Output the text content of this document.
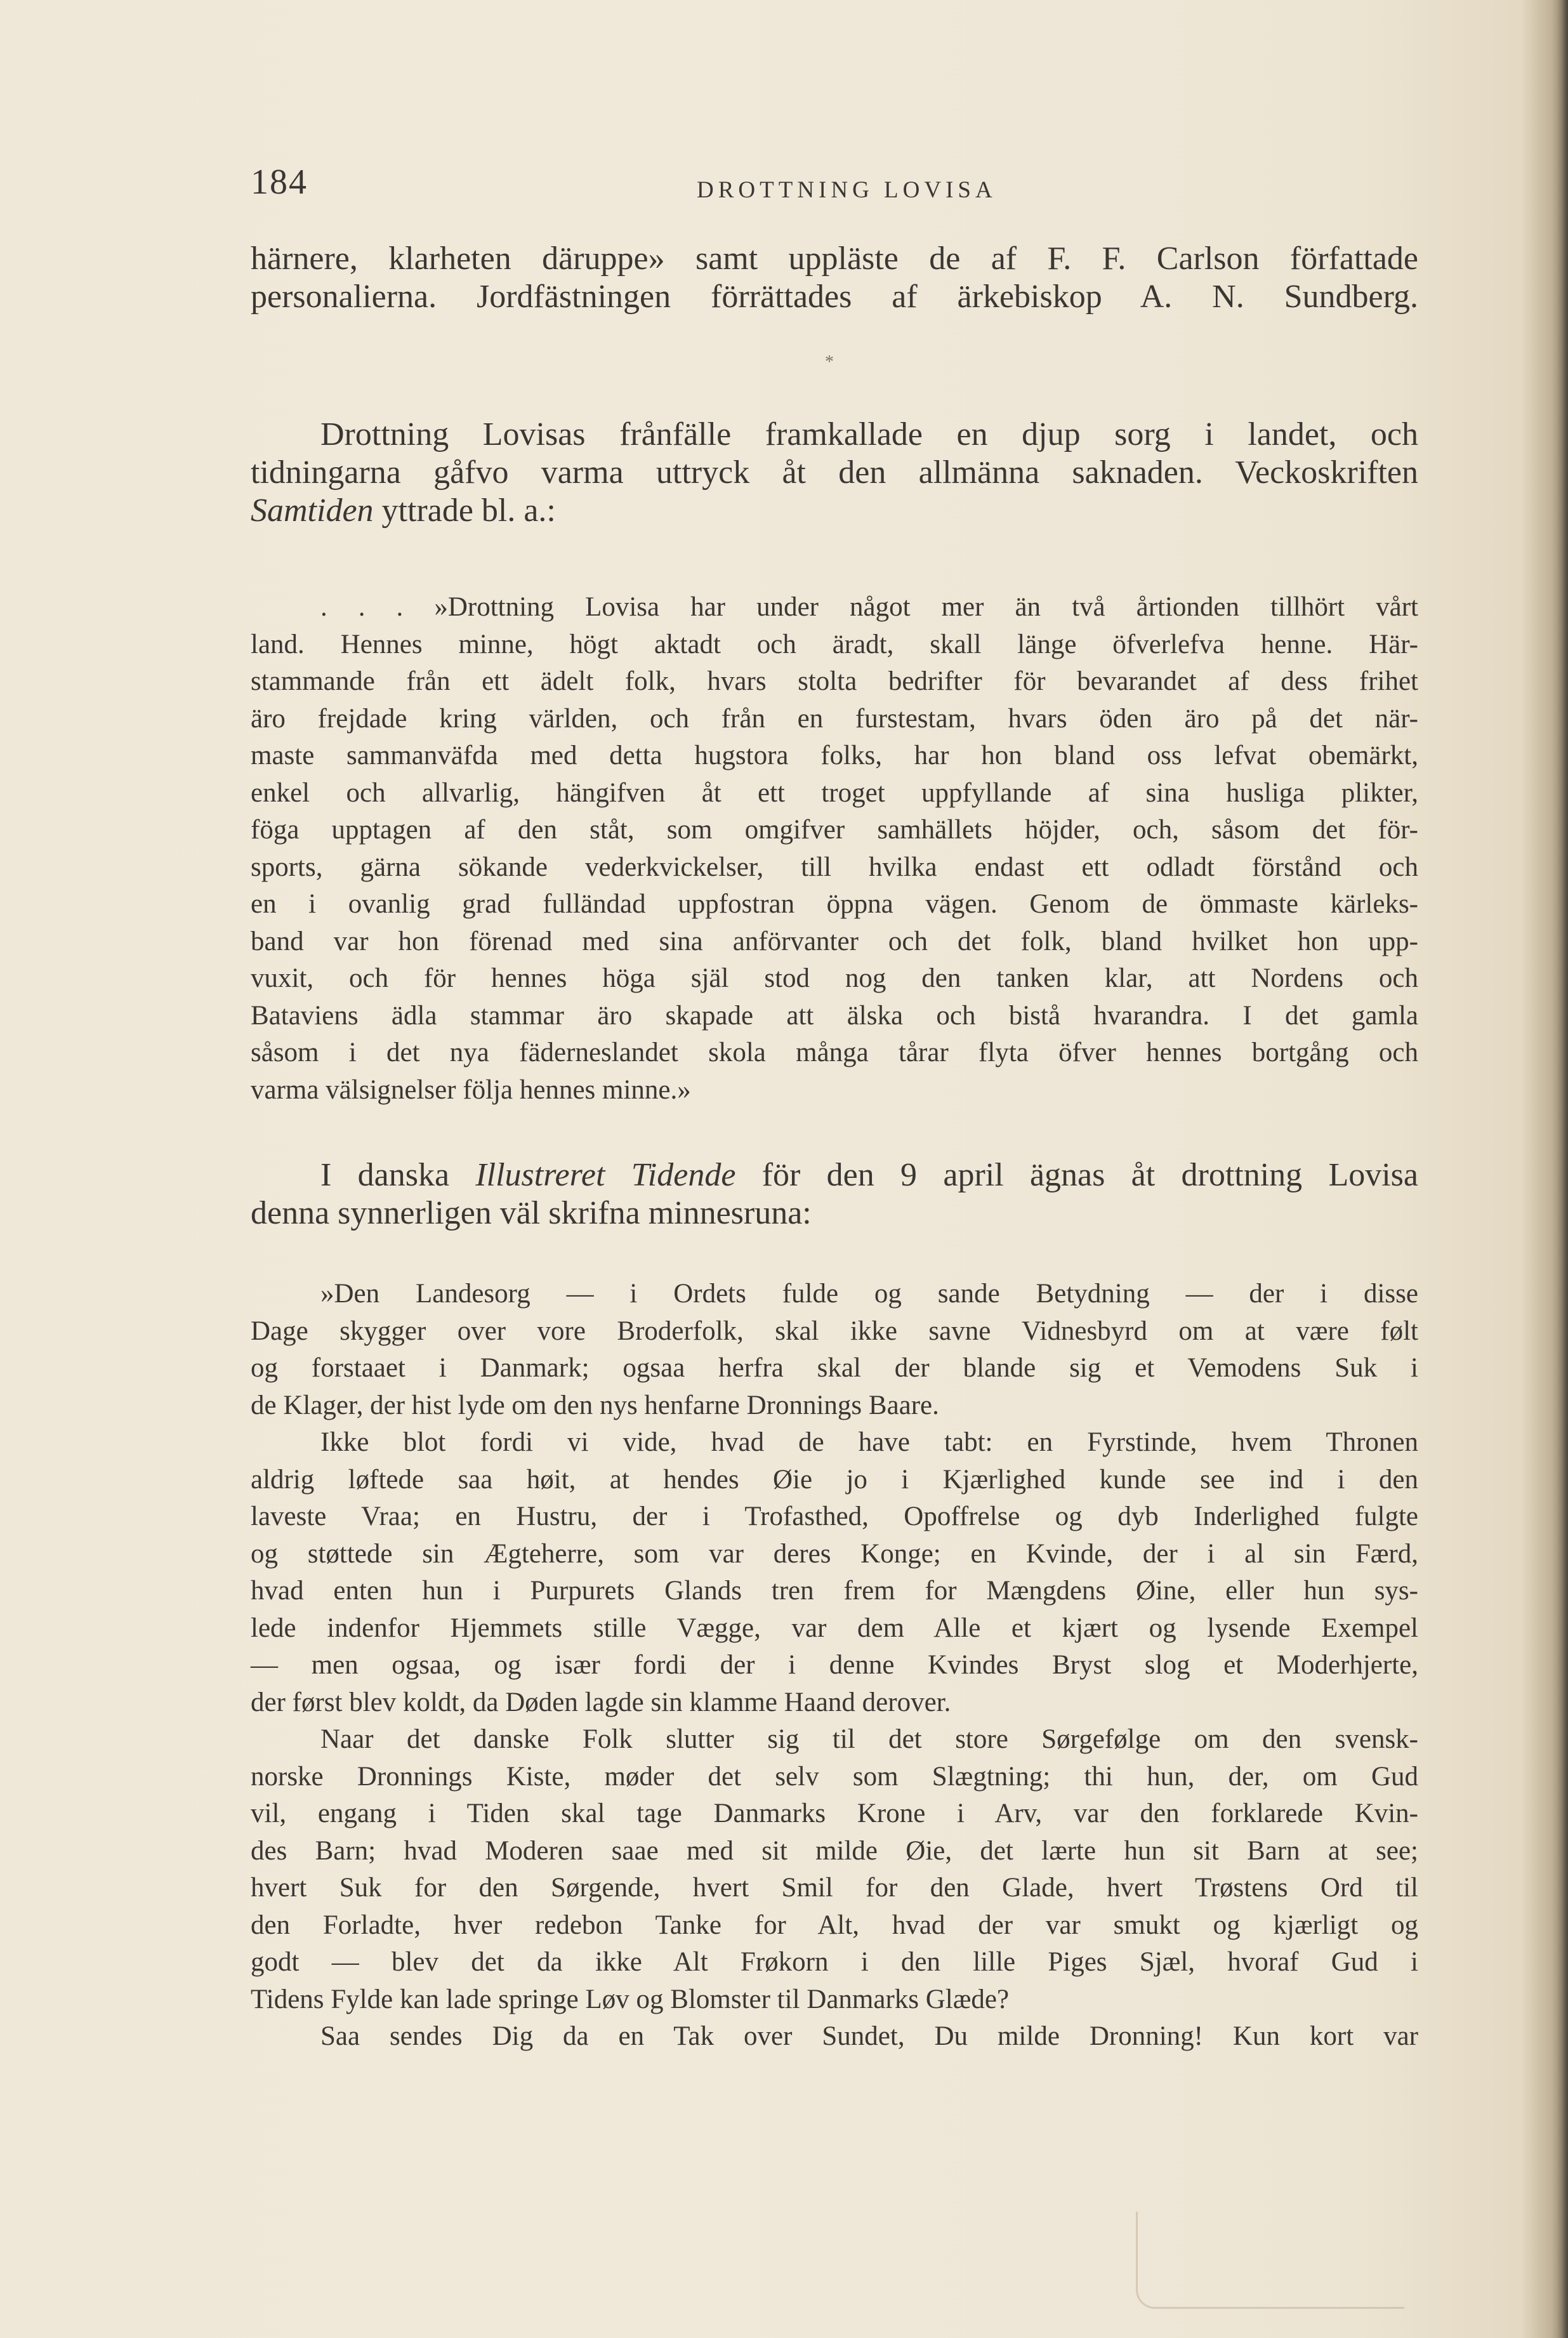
184	DROTTNING LOVISA
härnere, klarheten däruppe» samt uppläste de af F. F. Carlson författade
personalierna. Jordfästningen förrättades af ärkebiskop A. N. Sundberg.
*
Drottning Lovisas frånfälle framkallade en djup sorg i landet, och
tidningarna gåfvo varma uttryck åt den allmänna saknaden. Veckoskriften
Samtiden yttrade bl. a.:
. . . »Drottning Lovisa har under något mer än två årtionden tillhört vårt
land. Hennes minne, högt aktadt och äradt, skall länge öfverlefva henne. Här-
stammande från ett ädelt folk, hvars stolta bedrifter för bevarandet af dess frihet
äro frejdade kring världen, och från en furstestam, hvars öden äro på det när-
maste sammanväfda med detta hugstora folks, har hon bland oss lefvat obemärkt,
enkel och allvarlig, hängifven åt ett troget uppfyllande af sina husliga plikter,
föga upptagen af den ståt, som omgifver samhällets höjder, och, såsom det för-
sports, gärna sökande vederkvickelser, till hvilka endast ett odladt förstånd och
en i ovanlig grad fulländad uppfostran öppna vägen. Genom de ömmaste kärleks-
band var hon förenad med sina anförvanter och det folk, bland hvilket hon upp-
vuxit, och för hennes höga själ stod nog den tanken klar, att Nordens och
Bataviens ädla stammar äro skapade att älska och bistå hvarandra. I det gamla
såsom i det nya fäderneslandet skola många tårar flyta öfver hennes bortgång och
varma välsignelser följa hennes minne.»
I danska Illustreret Tidende för den 9 april ägnas åt drottning Lovisa
denna synnerligen väl skrifna minnesruna:
»Den Landesorg — i Ordets fulde og sande Betydning — der i disse
Dage skygger over vore Broderfolk, skal ikke savne Vidnesbyrd om at være følt
og forstaaet i Danmark; ogsaa herfra skal der blande sig et Vemodens Suk i
de Klager, der hist lyde om den nys henfarne Dronnings Baare.
Ikke blot fordi vi vide, hvad de have tabt: en Fyrstinde, hvem Thronen
aldrig løftede saa høit, at hendes Øie jo i Kjærlighed kunde see ind i den
laveste Vraa; en Hustru, der i Trofasthed, Opoffrelse og dyb Inderlighed fulgte
og støttede sin Ægteherre, som var deres Konge; en Kvinde, der i al sin Færd,
hvad enten hun i Purpurets Glands tren frem for Mængdens Øine, eller hun sys-
lede indenfor Hjemmets stille Vægge, var dem Alle et kjært og lysende Exempel
— men ogsaa, og især fordi der i denne Kvindes Bryst slog et Moderhjerte,
der først blev koldt, da Døden lagde sin klamme Haand derover.
Naar det danske Folk slutter sig til det store Sørgefølge om den svensk-
norske Dronnings Kiste, møder det selv som Slægtning; thi hun, der, om Gud
vil, engang i Tiden skal tage Danmarks Krone i Arv, var den forklarede Kvin-
des Barn; hvad Moderen saae med sit milde Øie, det lærte hun sit Barn at see;
hvert Suk for den Sørgende, hvert Smil for den Glade, hvert Trøstens Ord til
den Forladte, hver redebon Tanke for Alt, hvad der var smukt og kjærligt og
godt — blev det da ikke Alt Frøkorn i den lille Piges Sjæl, hvoraf Gud i
Tidens Fylde kan lade springe Løv og Blomster til Danmarks Glæde?
Saa sendes Dig da en Tak over Sundet, Du milde Dronning! Kun kort var
